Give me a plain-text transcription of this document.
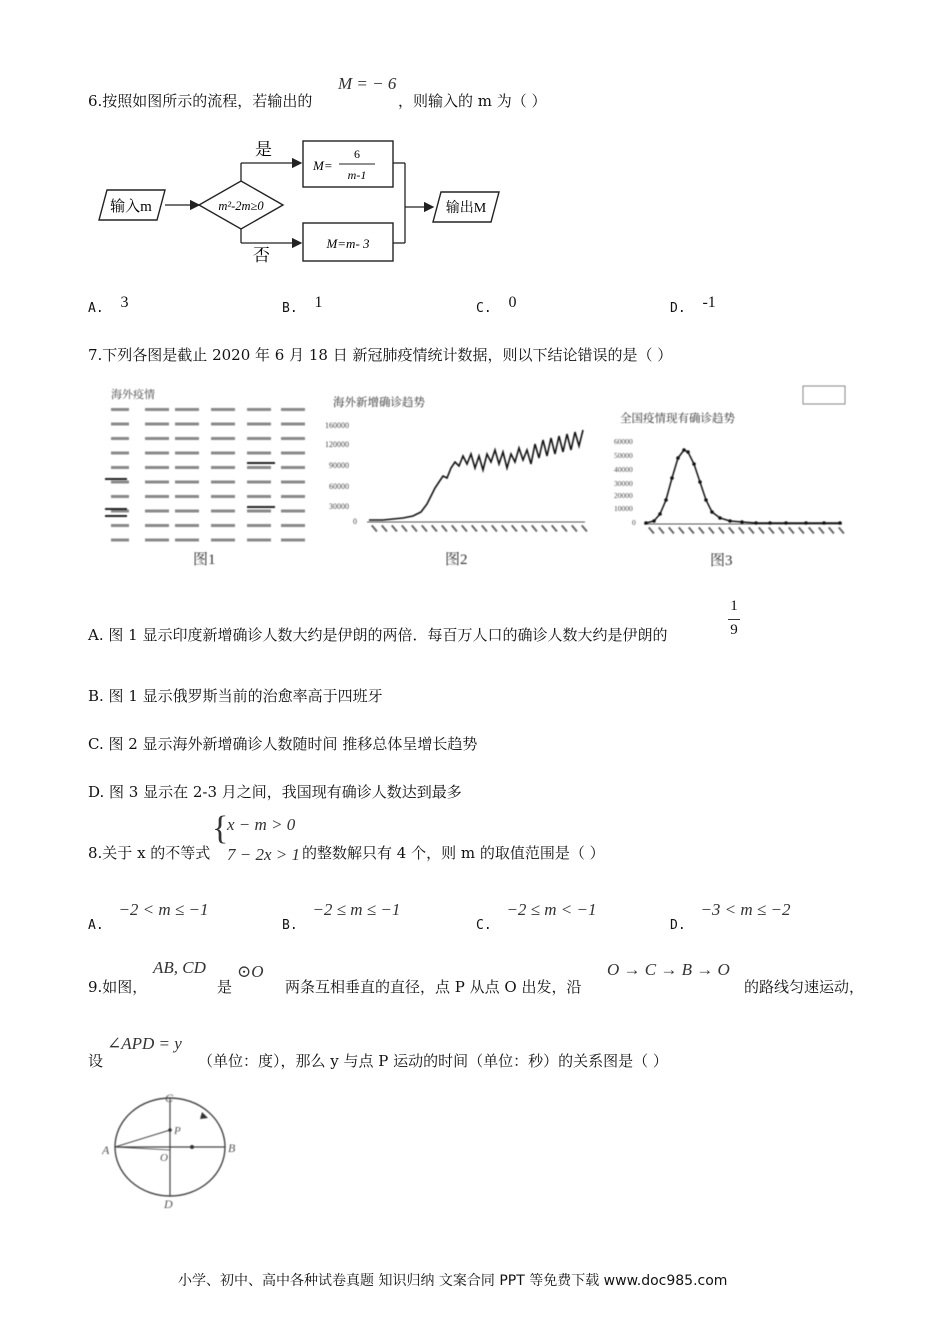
6.按照如图所示的流程，若输出的
M = − 6
，则输入的 m 为（ ）
输入m	m²-2m≥0
是
M=
6
m-1
否
M=m- 3
输出M
A. 3	B. 1	C. 0	D. -1
7.下列各图是截止 2020 年 6 月 18 日 新冠肺疫情统计数据，则以下结论错误的是（ ）
海外疫情
图1
海外新增确诊趋势
160000
120000
90000
60000
30000
0
图2
全国疫情现有确诊趋势
60000
50000
40000
30000
20000
10000
0
图3
A. 图 1 显示印度新增确诊人数大约是伊朗的两倍．每百万人口的确诊人数大约是伊朗的	$\frac{1}{9}$
B. 图 1 显示俄罗斯当前的治愈率高于四班牙
C. 图 2 显示海外新增确诊人数随时间 推移总体呈增长趋势
D. 图 3 显示在 2-3 月之间，我国现有确诊人数达到最多
8.关于 x 的不等式
{
x − m > 0
7 − 2x > 1 的整数解只有 4 个，则 m 的取值范围是（ ）
A. −2 < m ≤ −1
B. −2 ≤ m ≤ −1
C. −2 ≤ m < −1
D. −3 < m ≤ −2
9.如图，
AB, CD
是
⊙O
两条互相垂直的直径，点 P 从点 O 出发，沿
O → C → B → O
的路线匀速运动，
设
∠APD = y
（单位：度），那么 y 与点 P 运动的时间（单位：秒）的关系图是（ ）
A	B
C
D
O
P
小学、初中、高中各种试卷真题 知识归纳 文案合同 PPT 等免费下载 www.doc985.com
